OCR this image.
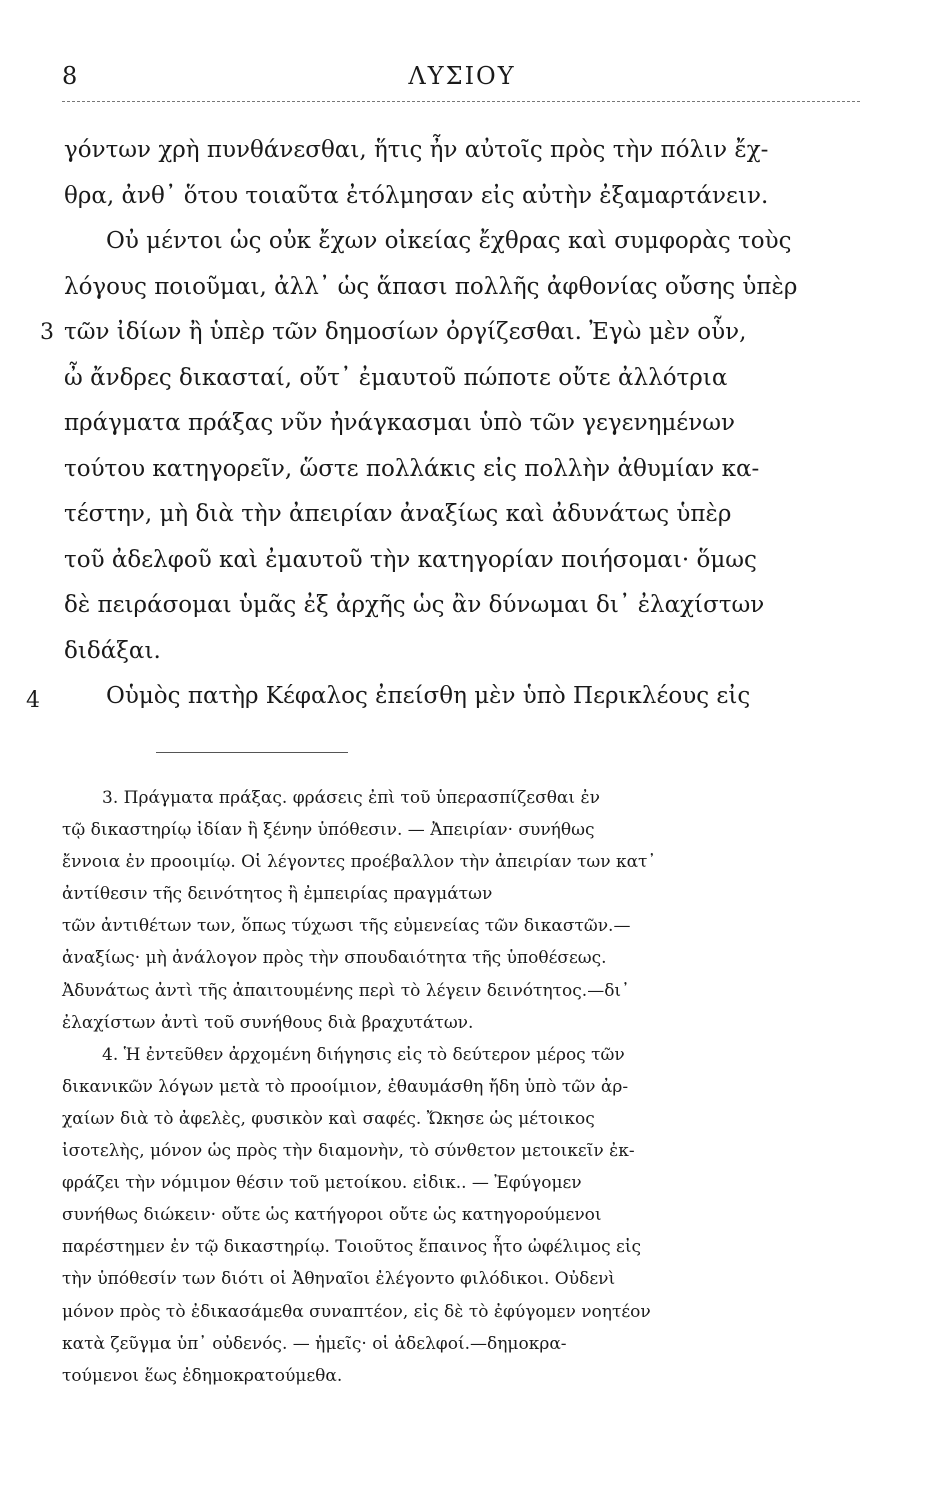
8	ΛΥΣΙΟΥ
3
4
γόντων χρὴ πυνθάνεσθαι, ἥτις ἦν αὐτοῖς πρὸς τὴν πόλιν ἔχ-
θρα, ἀνθ᾽ ὅτου τοιαῦτα ἐτόλμησαν εἰς αὐτὴν ἐξαμαρτάνειν.
Οὐ μέντοι ὡς οὐκ ἔχων οἰκείας ἔχθρας καὶ συμφορὰς τοὺς
λόγους ποιοῦμαι, ἀλλ᾽ ὡς ἅπασι πολλῆς ἀφθονίας οὔσης ὑπὲρ
τῶν ἰδίων ἢ ὑπὲρ τῶν δημοσίων ὀργίζεσθαι. Ἐγὼ μὲν οὖν,
ὦ ἄνδρες δικασταί, οὔτ᾽ ἐμαυτοῦ πώποτε οὔτε ἀλλότρια
πράγματα πράξας νῦν ἠνάγκασμαι ὑπὸ τῶν γεγενημένων
τούτου κατηγορεῖν, ὥστε πολλάκις εἰς πολλὴν ἀθυμίαν κα-
τέστην, μὴ διὰ τὴν ἀπειρίαν ἀναξίως καὶ ἀδυνάτως ὑπὲρ
τοῦ ἀδελφοῦ καὶ ἐμαυτοῦ τὴν κατηγορίαν ποιήσομαι· ὅμως
δὲ πειράσομαι ὑμᾶς ἐξ ἀρχῆς ὡς ἂν δύνωμαι δι᾽ ἐλαχίστων
διδάξαι.
Οὑμὸς πατὴρ Κέφαλος ἐπείσθη μὲν ὑπὸ Περικλέους εἰς
3. Πράγματα πράξας. φράσεις ἐπὶ τοῦ ὑπερασπίζεσθαι ἐν
τῷ δικαστηρίῳ ἰδίαν ἢ ξένην ὑπόθεσιν. — Ἀπειρίαν· συνήθως
ἔννοια ἐν προοιμίῳ. Οἱ λέγοντες προέβαλλον τὴν ἀπειρίαν των κατ᾽
ἀντίθεσιν τῆς δεινότητος ἢ ἐμπειρίας πραγμάτων
τῶν ἀντιθέτων των, ὅπως τύχωσι τῆς εὐμενείας τῶν δικαστῶν.—
ἀναξίως· μὴ ἀνάλογον πρὸς τὴν σπουδαιότητα τῆς ὑποθέσεως.
Ἀδυνάτως ἀντὶ τῆς ἀπαιτουμένης περὶ τὸ λέγειν δεινότητος.—δι᾽
ἐλαχίστων ἀντὶ τοῦ συνήθους διὰ βραχυτάτων.
4. Ἡ ἐντεῦθεν ἀρχομένη διήγησις εἰς τὸ δεύτερον μέρος τῶν
δικανικῶν λόγων μετὰ τὸ προοίμιον, ἐθαυμάσθη ἤδη ὑπὸ τῶν ἀρ-
χαίων διὰ τὸ ἀφελὲς, φυσικὸν καὶ σαφές. Ὤκησε ὡς μέτοικος
ἰσοτελὴς, μόνον ὡς πρὸς τὴν διαμονὴν, τὸ σύνθετον μετοικεῖν ἐκ-
φράζει τὴν νόμιμον θέσιν τοῦ μετοίκου. εἰδικ.. — Ἐφύγομεν
συνήθως διώκειν· οὔτε ὡς κατήγοροι οὔτε ὡς κατηγορούμενοι
παρέστημεν ἐν τῷ δικαστηρίῳ. Τοιοῦτος ἔπαινος ἦτο ὠφέλιμος εἰς
τὴν ὑπόθεσίν των διότι οἱ Ἀθηναῖοι ἐλέγοντο φιλόδικοι. Οὐδενὶ
μόνον πρὸς τὸ ἐδικασάμεθα συναπτέον, εἰς δὲ τὸ ἐφύγομεν νοητέον
κατὰ ζεῦγμα ὑπ᾽ οὐδενός. — ἡμεῖς· οἱ ἀδελφοί.—δημοκρα-
τούμενοι ἕως ἐδημοκρατούμεθα.
